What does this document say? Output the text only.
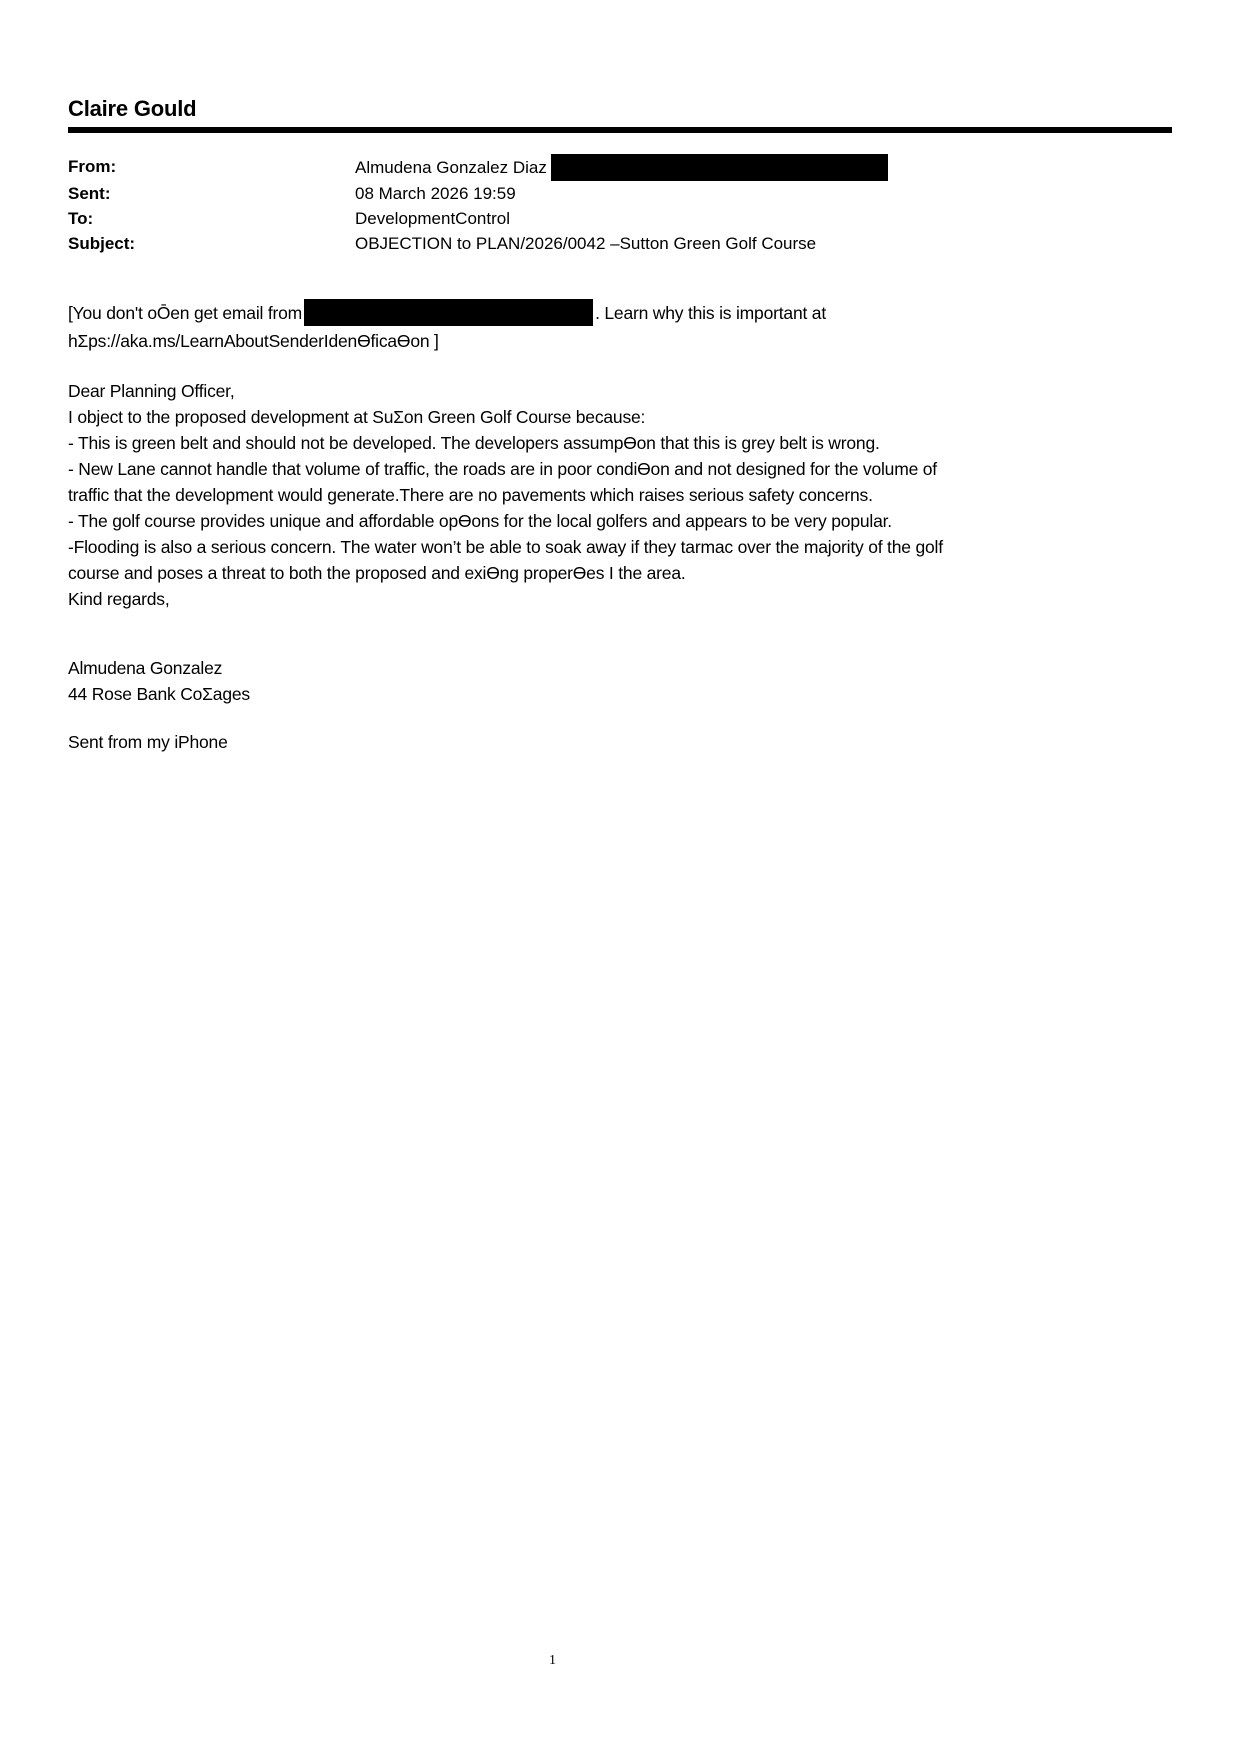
Claire Gould
From:	Almudena Gonzalez Diaz
Sent:	08 March 2026 19:59
To:	DevelopmentControl
Subject:	OBJECTION to PLAN/2026/0042 –Sutton Green Golf Course
[You don't oŌen get email from	. Learn why this is important at
hΣps://aka.ms/LearnAboutSenderIdenƟficaƟon ]
Dear Planning Officer,
I object to the proposed development at SuΣon Green Golf Course because:
- This is green belt and should not be developed. The developers assumpƟon that this is grey belt is wrong.
- New Lane cannot handle that volume of traffic, the roads are in poor condiƟon and not designed for the volume of
traffic that the development would generate.There are no pavements which raises serious safety concerns.
- The golf course provides unique and affordable opƟons for the local golfers and appears to be very popular.
-Flooding is also a serious concern. The water won’t be able to soak away if they tarmac over the majority of the golf
course and poses a threat to both the proposed and exiƟng properƟes I the area.
Kind regards,
Almudena Gonzalez
44 Rose Bank CoΣages
Sent from my iPhone
1
